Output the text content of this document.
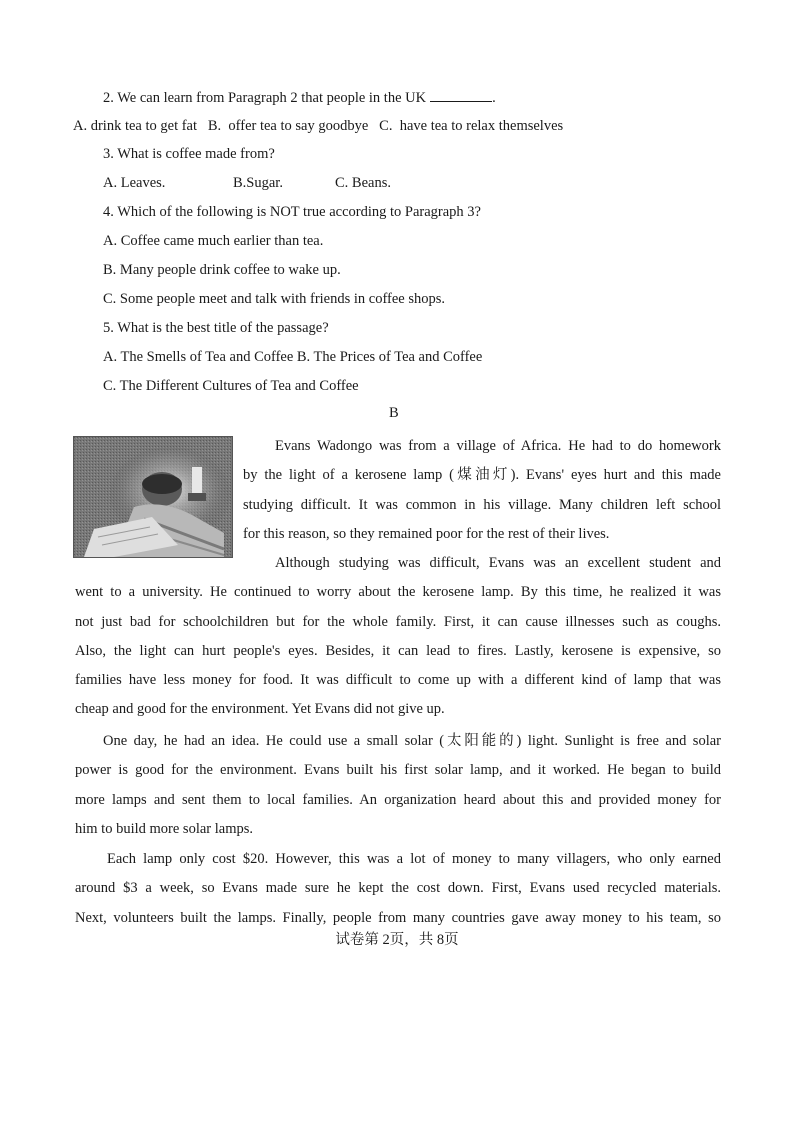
2. We can learn from Paragraph 2 that people in the UK	.
A. drink tea to get fat   B.  offer tea to say goodbye   C.  have tea to relax themselves
3. What is coffee made from?
A. Leaves.	B.Sugar.	C. Beans.
4. Which of the following is NOT true according to Paragraph 3?
A. Coffee came much earlier than tea.
B. Many people drink coffee to wake up.
C. Some people meet and talk with friends in coffee shops.
5. What is the best title of the passage?
A. The Smells of Tea and Coffee B. The Prices of Tea and Coffee
C. The Different Cultures of Tea and Coffee
B
Evans Wadongo was from a village of Africa. He had to do homework
by the light of a kerosene lamp (煤油灯). Evans' eyes hurt and this made
studying difficult. It was common in his village. Many children left school
for this reason, so they remained poor for the rest of their lives.
Although studying was difficult, Evans was an excellent student and
went to a university. He continued to worry about the kerosene lamp. By this time, he realized it was
not just bad for schoolchildren but for the whole family. First, it can cause illnesses such as coughs.
Also, the light can hurt people's eyes. Besides, it can lead to fires. Lastly, kerosene is expensive, so
families have less money for food. It was difficult to come up with a different kind of lamp that was
cheap and good for the environment. Yet Evans did not give up.
One day, he had an idea. He could use a small solar (太阳能的) light. Sunlight is free and solar
power is good for the environment. Evans built his first solar lamp, and it worked. He began to build
more lamps and sent them to local families. An organization heard about this and provided money for
him to build more solar lamps.
Each lamp only cost $20. However, this was a lot of money to many villagers, who only earned
around $3 a week, so Evans made sure he kept the cost down. First, Evans used recycled materials.
Next, volunteers built the lamps. Finally, people from many countries gave away money to his team, so
试卷第 2页，共 8页
